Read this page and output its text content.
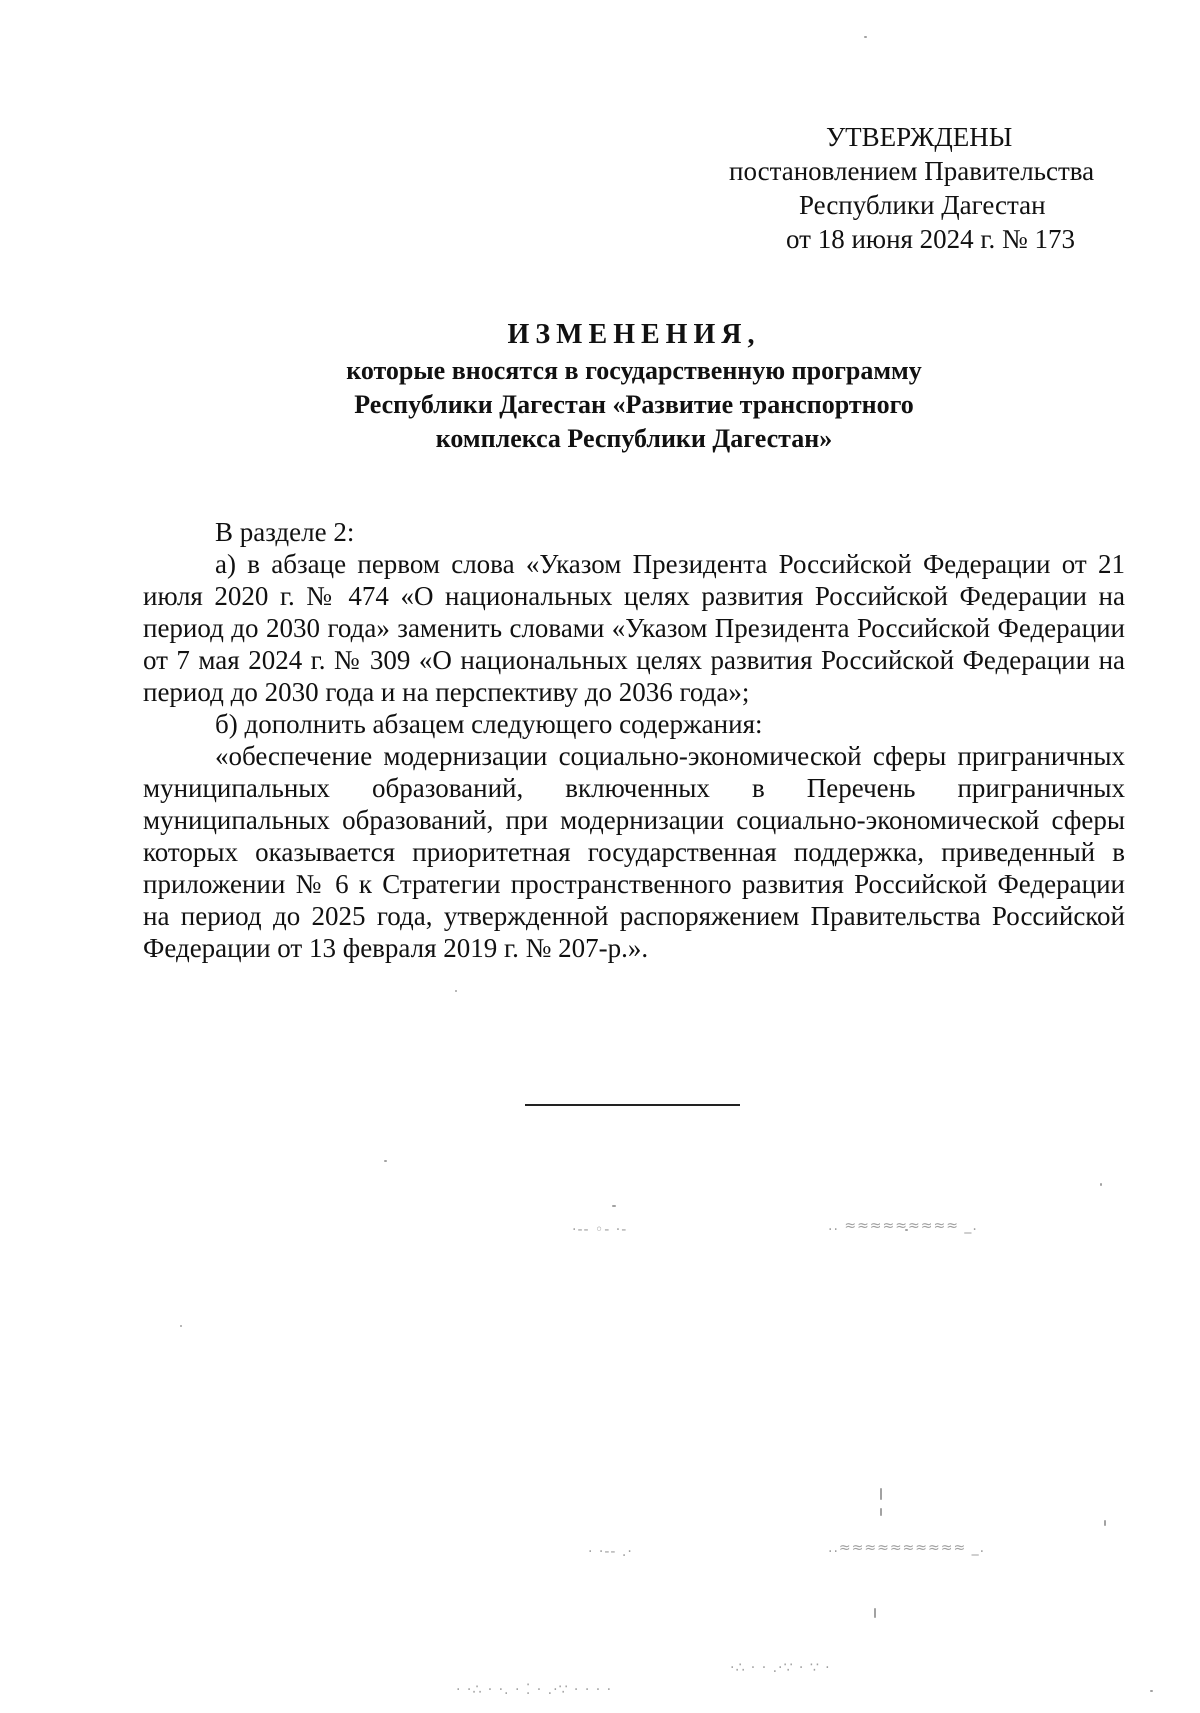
УТВЕРЖДЕНЫ
постановлением Правительства
Республики Дагестан
от 18 июня 2024 г. № 173
ИЗМЕНЕНИЯ,
которые вносятся в государственную программу
Республики Дагестан «Развитие транспортного
комплекса Республики Дагестан»

В разделе 2:

а) в абзаце первом слова «Указом Президента Российской Федерации от 21 июля 2020 г. № 474 «О национальных целях развития Российской Федерации на период до 2030 года» заменить словами «Указом Президента Российской Федерации от 7 мая 2024 г. № 309 «О национальных целях развития Российской Федерации на период до 2030 года и на перспективу до 2036 года»;

б) дополнить абзацем следующего содержания:

«обеспечение модернизации социально-экономической сферы приграничных муниципальных образований, включенных в Перечень приграничных муниципальных образований, при модернизации социально-экономической сферы которых оказывается приоритетная государственная поддержка, приведенный в приложении № 6 к Стратегии пространственного развития Российской Федерации на период до 2025 года, утвержденной распоряжением Правительства Российской Федерации от 13 февраля 2019 г. № 207-р.».

·-- ◦- ·-	.. ≈≈≈≈≈≈≈≈≈ _.
· ·-- .·	..≈≈≈≈≈≈≈≈≈≈ _.
· ·∴ · ·. · ⁚ · .·∵ · · · ·
·∴ · · .·∵ · ∵ ·
